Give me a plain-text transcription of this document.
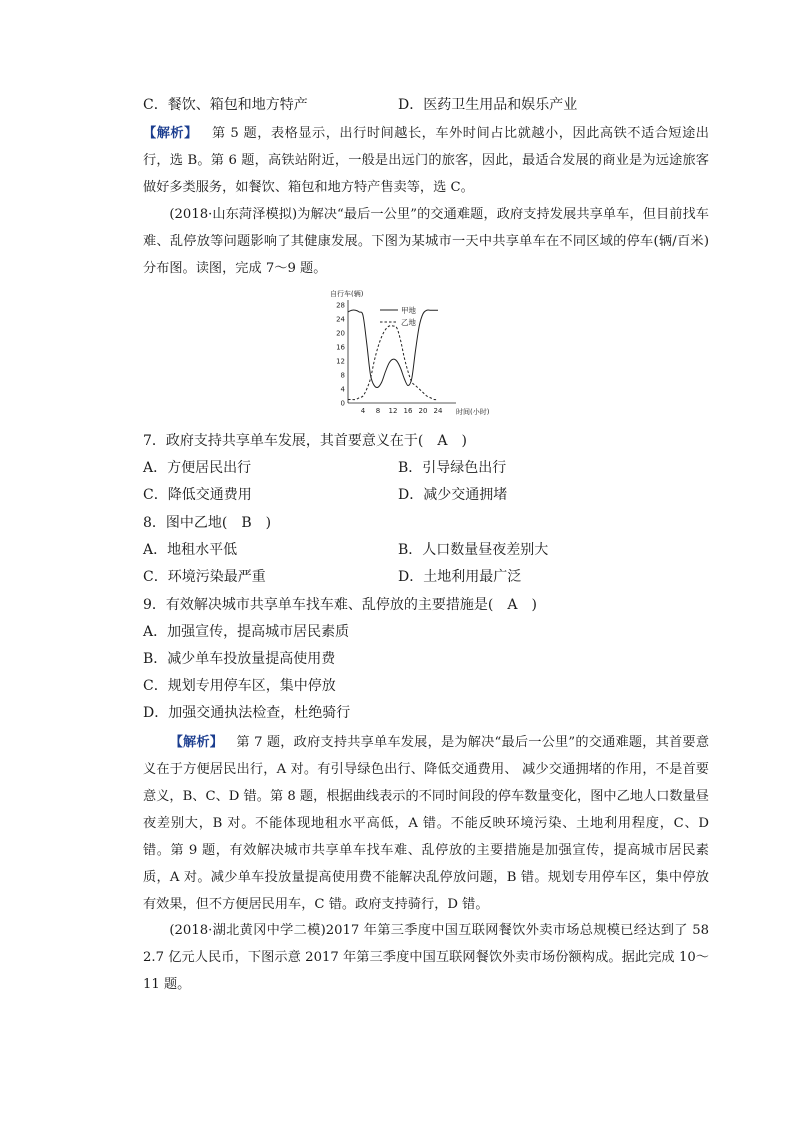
C．餐饮、箱包和地方特产	D．医药卫生用品和娱乐产业

【解析】 第 5 题，表格显示，出行时间越长，车外时间占比就越小，因此高铁不适合短途出行，选 B。第 6 题，高铁站附近，一般是出远门的旅客，因此，最适合发展的商业是为远途旅客做好多类服务，如餐饮、箱包和地方特产售卖等，选 C。

(2018·山东菏泽模拟)为解决“最后一公里”的交通难题，政府支持发展共享单车，但目前找车难、乱停放等问题影响了其健康发展。下图为某城市一天中共享单车在不同区域的停车(辆/百米)分布图。读图，完成 7～9 题。

自行车(辆)
0
4
8
12
16
20
24
28
4 8 12 16 20 24 时间(小时)
甲地
乙地
7．政府支持共享单车发展，其首要意义在于(　A　)
A．方便居民出行	B．引导绿色出行
C．降低交通费用	D．减少交通拥堵
8．图中乙地(　B　)
A．地租水平低	B．人口数量昼夜差别大
C．环境污染最严重	D．土地利用最广泛
9．有效解决城市共享单车找车难、乱停放的主要措施是(　A　)
A．加强宣传，提高城市居民素质
B．减少单车投放量提高使用费
C．规划专用停车区，集中停放
D．加强交通执法检查，杜绝骑行

【解析】 第 7 题，政府支持共享单车发展，是为解决“最后一公里”的交通难题，其首要意义在于方便居民出行，A 对。有引导绿色出行、降低交通费用、 减少交通拥堵的作用，不是首要意义，B、C、D 错。第 8 题，根据曲线表示的不同时间段的停车数量变化，图中乙地人口数量昼夜差别大，B 对。不能体现地租水平高低，A 错。不能反映环境污染、土地利用程度，C、D 错。第 9 题，有效解决城市共享单车找车难、乱停放的主要措施是加强宣传，提高城市居民素质，A 对。减少单车投放量提高使用费不能解决乱停放问题，B 错。规划专用停车区，集中停放有效果，但不方便居民用车，C 错。政府支持骑行，D 错。

(2018·湖北黄冈中学二模)2017 年第三季度中国互联网餐饮外卖市场总规模已经达到了 582.7 亿元人民币，下图示意 2017 年第三季度中国互联网餐饮外卖市场份额构成。据此完成 10～11 题。
